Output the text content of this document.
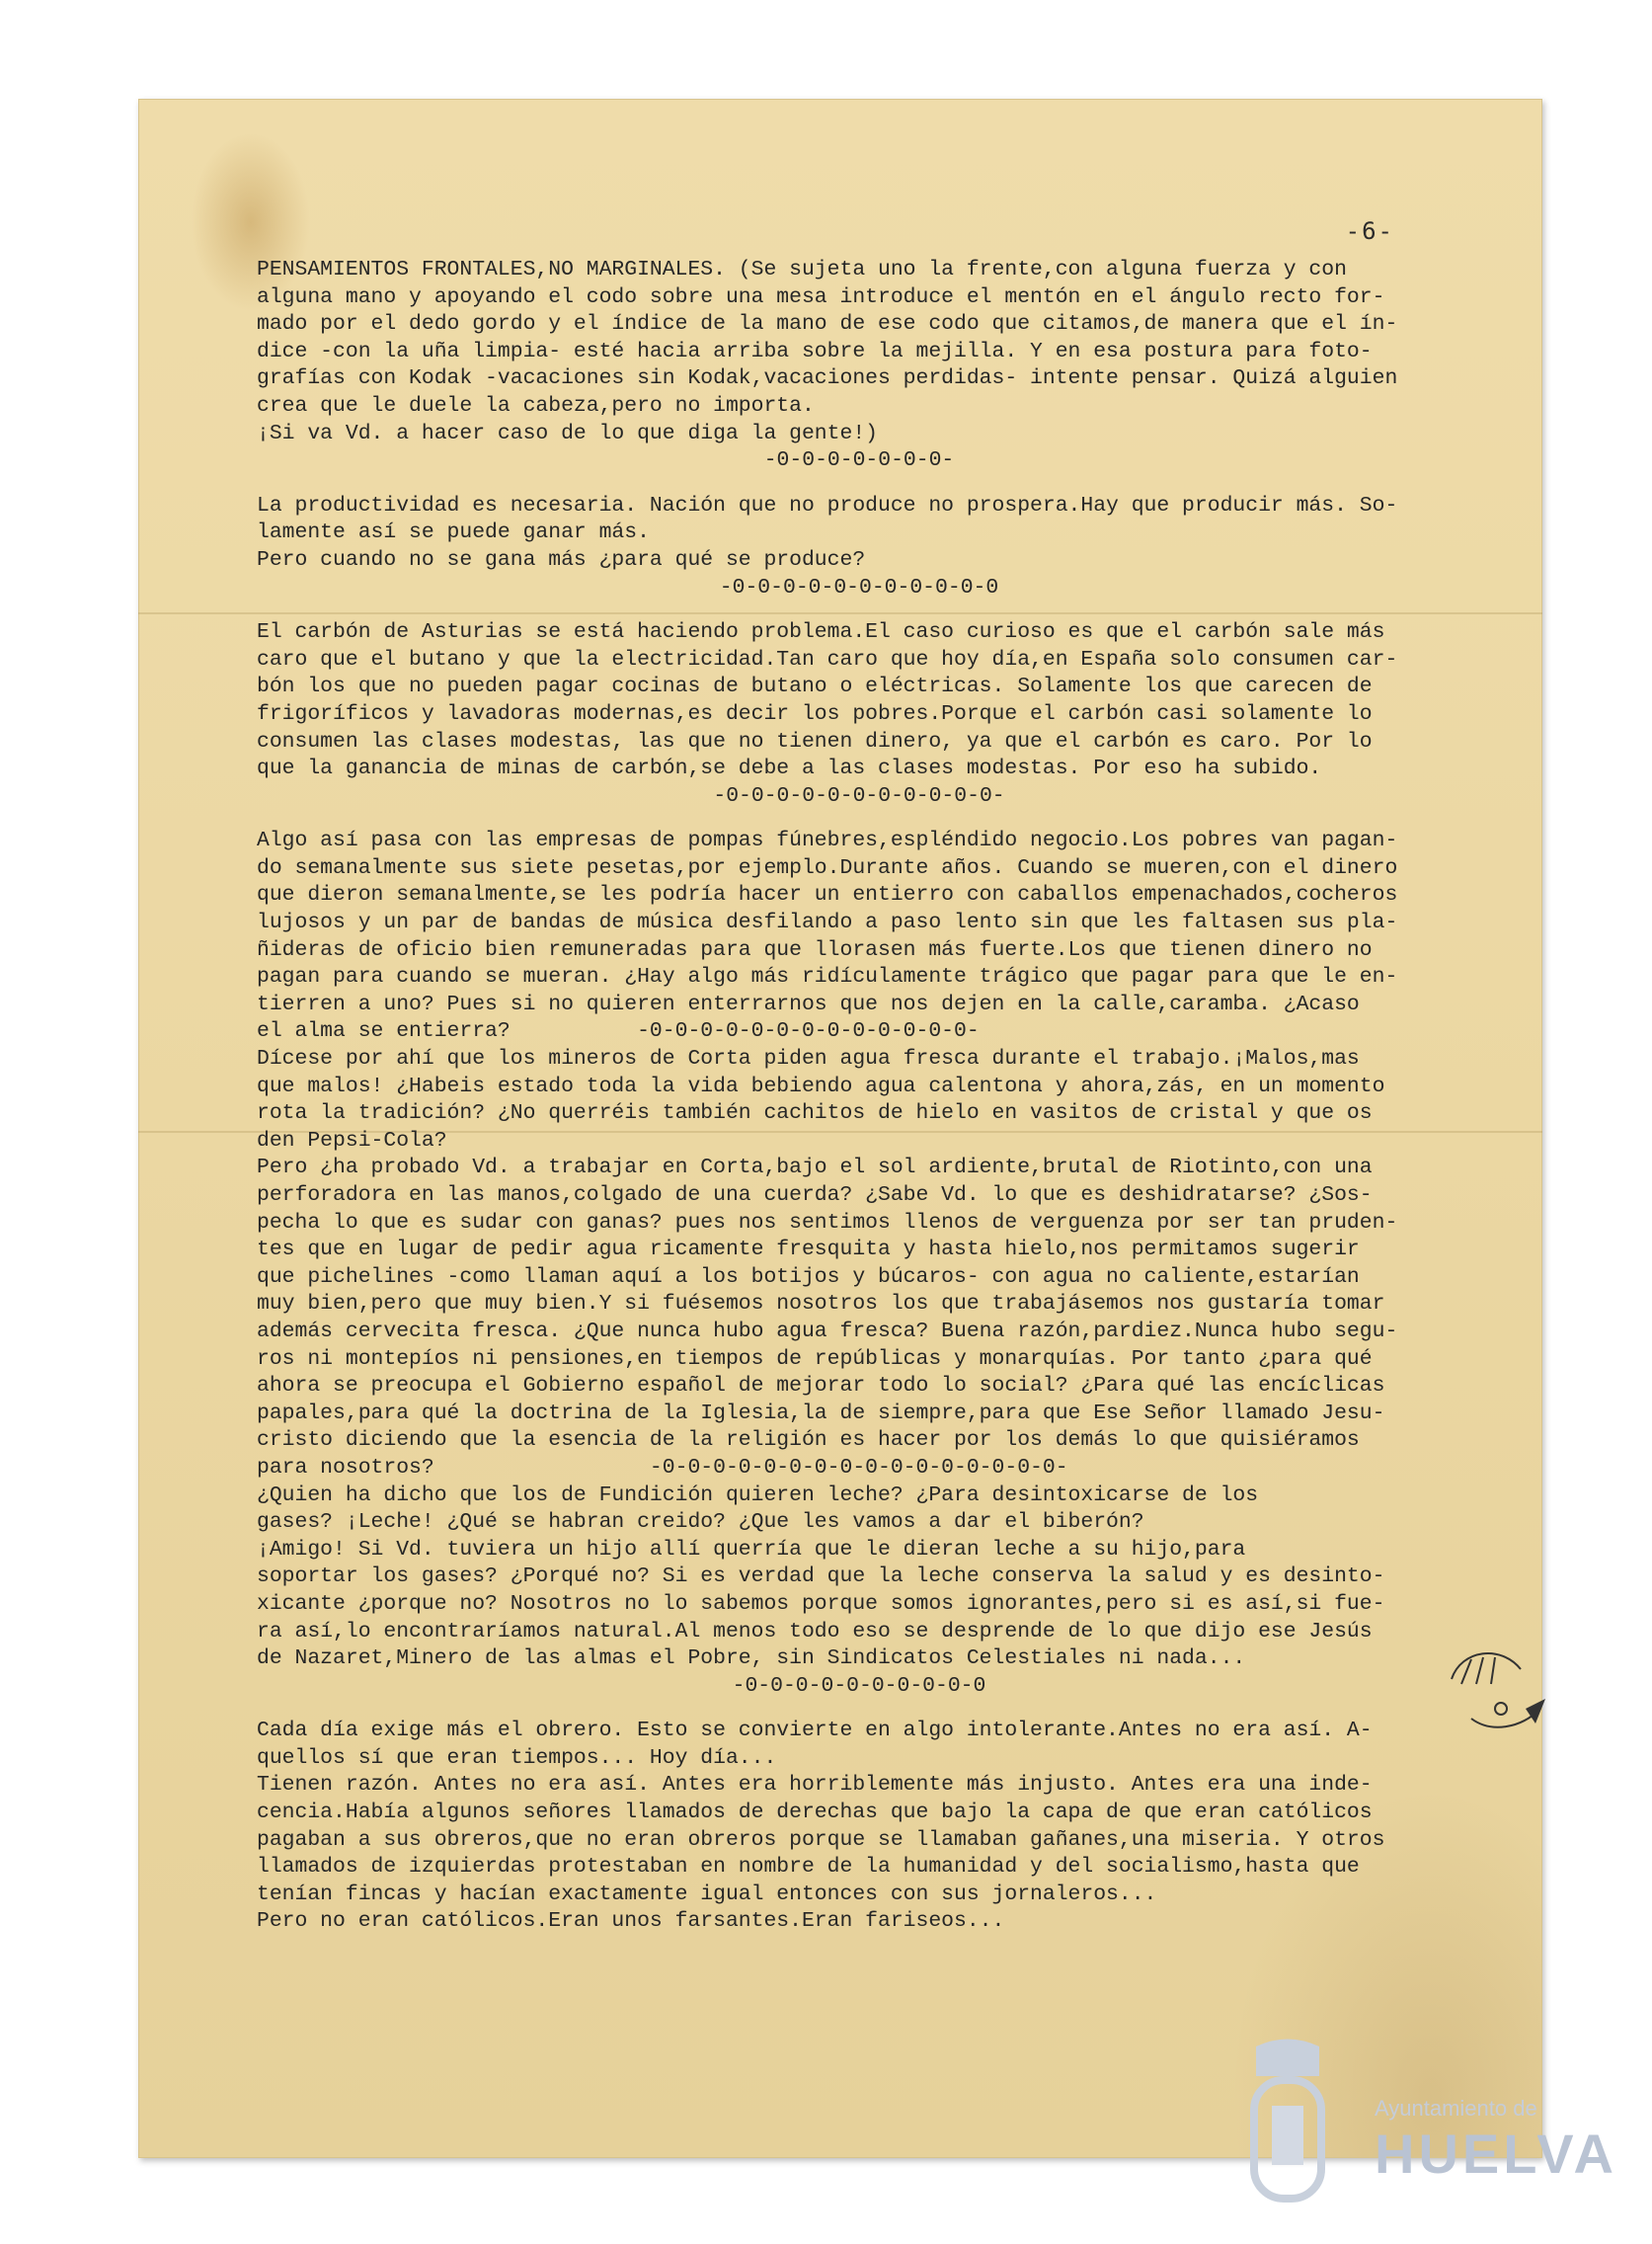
-6-
PENSAMIENTOS FRONTALES,NO MARGINALES. (Se sujeta uno la frente,con alguna fuerza y con
alguna mano y apoyando el codo sobre una mesa introduce el mentón en el ángulo recto for-
mado por el dedo gordo y el índice de la mano de ese codo que citamos,de manera que el ín-
dice -con la uña limpia- esté hacia arriba sobre la mejilla. Y en esa postura para foto-
grafías con Kodak -vacaciones sin Kodak,vacaciones perdidas- intente pensar. Quizá alguien
crea que le duele la cabeza,pero no importa.
¡Si va Vd. a hacer caso de lo que diga la gente!)
-0-0-0-0-0-0-0-
La productividad es necesaria. Nación que no produce no prospera.Hay que producir más. So-
lamente así se puede ganar más.
Pero cuando no se gana más ¿para qué se produce?
-0-0-0-0-0-0-0-0-0-0-0
El carbón de Asturias se está haciendo problema.El caso curioso es que el carbón sale más
caro que el butano y que la electricidad.Tan caro que hoy día,en España solo consumen car-
bón los que no pueden pagar cocinas de butano o eléctricas. Solamente los que carecen de
frigoríficos y lavadoras modernas,es decir los pobres.Porque el carbón casi solamente lo
consumen las clases modestas, las que no tienen dinero, ya que el carbón es caro. Por lo
que la ganancia de minas de carbón,se debe a las clases modestas. Por eso ha subido.
-0-0-0-0-0-0-0-0-0-0-0-
Algo así pasa con las empresas de pompas fúnebres,espléndido negocio.Los pobres van pagan-
do semanalmente sus siete pesetas,por ejemplo.Durante años. Cuando se mueren,con el dinero
que dieron semanalmente,se les podría hacer un entierro con caballos empenachados,cocheros
lujosos y un par de bandas de música desfilando a paso lento sin que les faltasen sus pla-
ñideras de oficio bien remuneradas para que llorasen más fuerte.Los que tienen dinero no
pagan para cuando se mueran. ¿Hay algo más ridículamente trágico que pagar para que le en-
tierren a uno? Pues si no quieren enterrarnos que nos dejen en la calle,caramba. ¿Acaso
el alma se entierra?          -0-0-0-0-0-0-0-0-0-0-0-0-0-
Dícese por ahí que los mineros de Corta piden agua fresca durante el trabajo.¡Malos,mas
que malos! ¿Habeis estado toda la vida bebiendo agua calentona y ahora,zás, en un momento
rota la tradición? ¿No querréis también cachitos de hielo en vasitos de cristal y que os
den Pepsi-Cola?
Pero ¿ha probado Vd. a trabajar en Corta,bajo el sol ardiente,brutal de Riotinto,con una
perforadora en las manos,colgado de una cuerda? ¿Sabe Vd. lo que es deshidratarse? ¿Sos-
pecha lo que es sudar con ganas? pues nos sentimos llenos de verguenza por ser tan pruden-
tes que en lugar de pedir agua ricamente fresquita y hasta hielo,nos permitamos sugerir
que pichelines -como llaman aquí a los botijos y búcaros- con agua no caliente,estarían
muy bien,pero que muy bien.Y si fuésemos nosotros los que trabajásemos nos gustaría tomar
además cervecita fresca. ¿Que nunca hubo agua fresca? Buena razón,pardiez.Nunca hubo segu-
ros ni montepíos ni pensiones,en tiempos de repúblicas y monarquías. Por tanto ¿para qué
ahora se preocupa el Gobierno español de mejorar todo lo social? ¿Para qué las encíclicas
papales,para qué la doctrina de la Iglesia,la de siempre,para que Ese Señor llamado Jesu-
cristo diciendo que la esencia de la religión es hacer por los demás lo que quisiéramos
para nosotros?                 -0-0-0-0-0-0-0-0-0-0-0-0-0-0-0-0-
¿Quien ha dicho que los de Fundición quieren leche? ¿Para desintoxicarse de los
gases? ¡Leche! ¿Qué se habran creido? ¿Que les vamos a dar el biberón?
¡Amigo! Si Vd. tuviera un hijo allí querría que le dieran leche a su hijo,para
soportar los gases? ¿Porqué no? Si es verdad que la leche conserva la salud y es desinto-
xicante ¿porque no? Nosotros no lo sabemos porque somos ignorantes,pero si es así,si fue-
ra así,lo encontraríamos natural.Al menos todo eso se desprende de lo que dijo ese Jesús
de Nazaret,Minero de las almas el Pobre, sin Sindicatos Celestiales ni nada...
-0-0-0-0-0-0-0-0-0-0
Cada día exige más el obrero. Esto se convierte en algo intolerante.Antes no era así. A-
quellos sí que eran tiempos... Hoy día...
Tienen razón. Antes no era así. Antes era horriblemente más injusto. Antes era una inde-
cencia.Había algunos señores llamados de derechas que bajo la capa de que eran católicos
pagaban a sus obreros,que no eran obreros porque se llamaban gañanes,una miseria. Y otros
llamados de izquierdas protestaban en nombre de la humanidad y del socialismo,hasta que
tenían fincas y hacían exactamente igual entonces con sus jornaleros...
Pero no eran católicos.Eran unos farsantes.Eran fariseos...
Ayuntamiento de
HUELVA
